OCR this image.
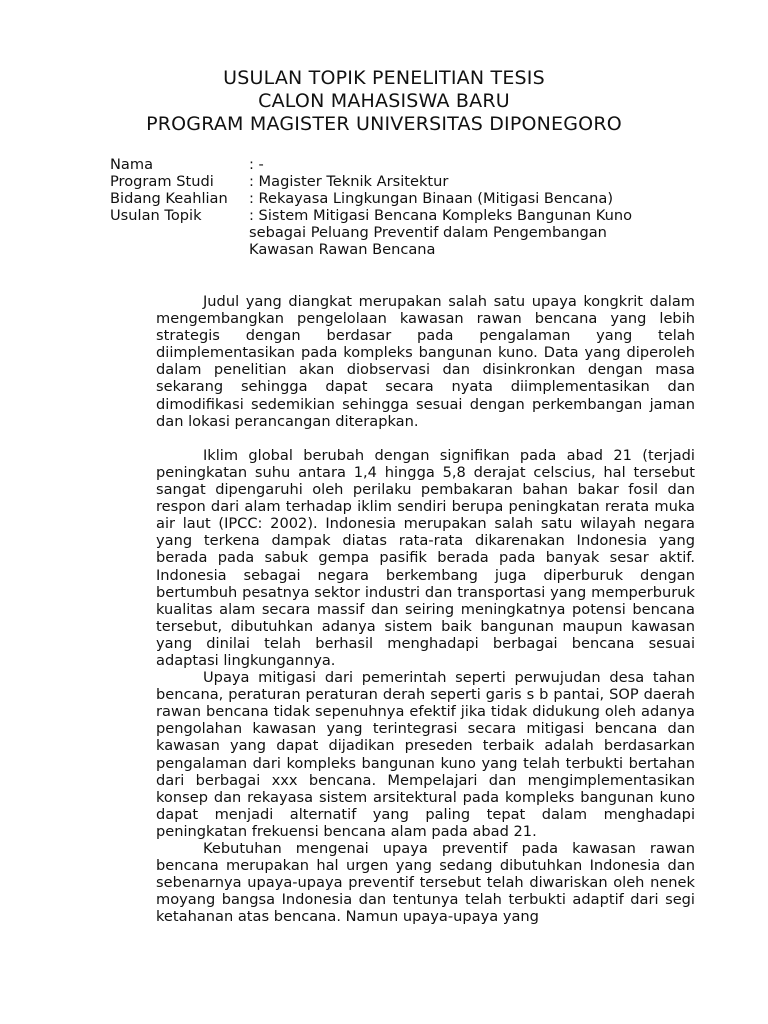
USULAN TOPIK PENELITIAN TESIS
CALON MAHASISWA BARU
PROGRAM MAGISTER UNIVERSITAS DIPONEGORO
Nama	: -
Program Studi	: Magister Teknik Arsitektur
Bidang Keahlian	: Rekayasa Lingkungan Binaan (Mitigasi Bencana)
Usulan Topik	: Sistem Mitigasi Bencana Kompleks Bangunan Kuno
sebagai Peluang Preventif dalam Pengembangan
Kawasan Rawan Bencana

Judul yang diangkat merupakan salah satu upaya kongkrit dalam mengembangkan pengelolaan kawasan rawan bencana yang lebih strategis dengan berdasar pada pengalaman yang telah diimplementasikan pada kompleks bangunan kuno. Data yang diperoleh dalam penelitian akan diobservasi dan disinkronkan dengan masa sekarang sehingga dapat secara nyata diimplementasikan dan dimodifikasi sedemikian sehingga sesuai dengan perkembangan jaman dan lokasi perancangan diterapkan.

Iklim global berubah dengan signifikan pada abad 21 (terjadi peningkatan suhu antara 1,4 hingga 5,8 derajat celscius, hal tersebut sangat dipengaruhi oleh perilaku pembakaran bahan bakar fosil dan respon dari alam terhadap iklim sendiri berupa peningkatan rerata muka air laut (IPCC: 2002). Indonesia merupakan salah satu wilayah negara yang terkena dampak diatas rata-rata dikarenakan Indonesia yang berada pada sabuk gempa pasifik berada pada banyak sesar aktif. Indonesia sebagai negara berkembang juga diperburuk dengan bertumbuh pesatnya sektor industri dan transportasi yang memperburuk kualitas alam secara massif dan seiring meningkatnya potensi bencana tersebut, dibutuhkan adanya sistem baik bangunan maupun kawasan yang dinilai telah berhasil menghadapi berbagai bencana sesuai adaptasi lingkungannya.

Upaya mitigasi dari pemerintah seperti perwujudan desa tahan bencana, peraturan peraturan derah seperti garis s b pantai, SOP daerah rawan bencana tidak sepenuhnya efektif jika tidak didukung oleh adanya pengolahan kawasan yang terintegrasi secara mitigasi bencana dan kawasan yang dapat dijadikan preseden terbaik adalah berdasarkan pengalaman dari kompleks bangunan kuno yang telah terbukti bertahan dari berbagai xxx bencana. Mempelajari dan mengimplementasikan konsep dan rekayasa sistem arsitektural pada kompleks bangunan kuno dapat menjadi alternatif yang paling tepat dalam menghadapi peningkatan frekuensi bencana alam pada abad 21.

Kebutuhan mengenai upaya preventif pada kawasan rawan bencana merupakan hal urgen yang sedang dibutuhkan Indonesia dan sebenarnya upaya-upaya preventif tersebut telah diwariskan oleh nenek moyang bangsa Indonesia dan tentunya telah terbukti adaptif dari segi ketahanan atas bencana. Namun upaya-upaya yang
